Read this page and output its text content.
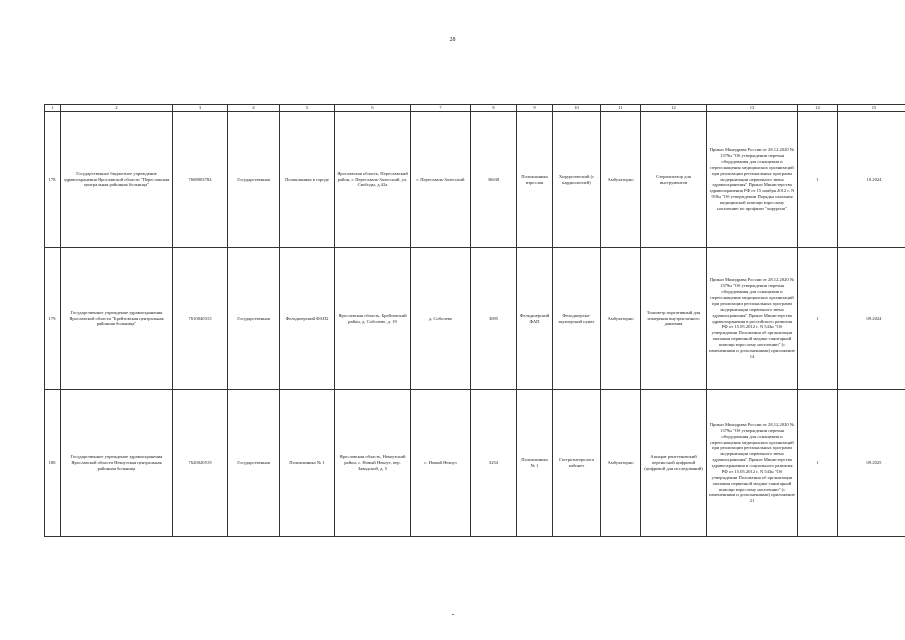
28
1	2	3	4	5	6	7	8	9	10	11	12	13	14	15
178.	Государственное бюджетное учреждение здравоохранения Ярославской области "Переславская центральная районная больница"	7608003784	Государственная	Поликлиника в городе	Ярославская область, Переславский район, г. Переславль-Залесский, ул. Свободы, д.42а	г. Переславль-Залесский	36638	Поликлиника взрослая	Хирургический (с кардиологией)	Амбулаторно	Стерилизатор для инструментов	Приказ Минздрава России от 28.12.2020 № 1379н "Об утверждении перечня оборудования для оснащения и переоснащения медицинских организаций при реализации региональных программ модернизации первичного звена здравоохранения" Приказ Министерства здравоохранения РФ от 15 ноября 2012 г. N 918н "Об утверждении Порядка оказания медицинской помощи взрослому населению по профилю "хирургия"	1	10.2024
179.	Государственное учреждение здравоохранения Ярославской области "Брейтовская центральная районная больница"	7610040315	Государственная	Фельдшерский ФАП2	Ярославская область, Брейтовский район, д. Соболево, д. 19	д. Соболево	3695	Фельдшерский ФАП	Фельдшерско-акушерский пункт	Амбулаторно	Тонометр портативный для измерения внутриглазного давления	Приказ Минздрава России от 28.12.2020 № 1379н "Об утверждении перечня оборудования для оснащения и переоснащения медицинских организаций при реализации региональных программ модернизации первичного звена здравоохранения" Приказ Министерства здравоохранения в российского развития РФ от 15.05.2012 г. N 543н "Об утверждении Положения об организации оказания первичной медико-санитарной помощи взрослому населению" (с изменениями и дополнениями) приложение 14	1	09.2024
180.	Государственное учреждение здравоохранения Ярославской области Некоузская центральная районная больница	7620020519	Государственная	Поликлиника № 1	Ярославская область, Некоузский район, с. Новый Некоуз, пер. Заводской, д. 5	с. Новый Некоуз	3254	Поликлиника № 1	Гастроэнтеролога кабинет	Амбулаторно	Аппарат рентгеновский переносной цифровой (цифровой для исследований)	Приказ Минздрава России от 28.12.2020 № 1379н "Об утверждении перечня оборудования для оснащения и переоснащения медицинских организаций при реализации региональных программ модернизации первичного звена здравоохранения" Приказ Министерства здравоохранения и социального развития РФ от 15.05.2012 г. N 543н "Об утверждении Положения об организации оказания первичной медико-санитарной помощи взрослому населению" (с изменениями и дополнениями) приложение 21	1	09.2025
